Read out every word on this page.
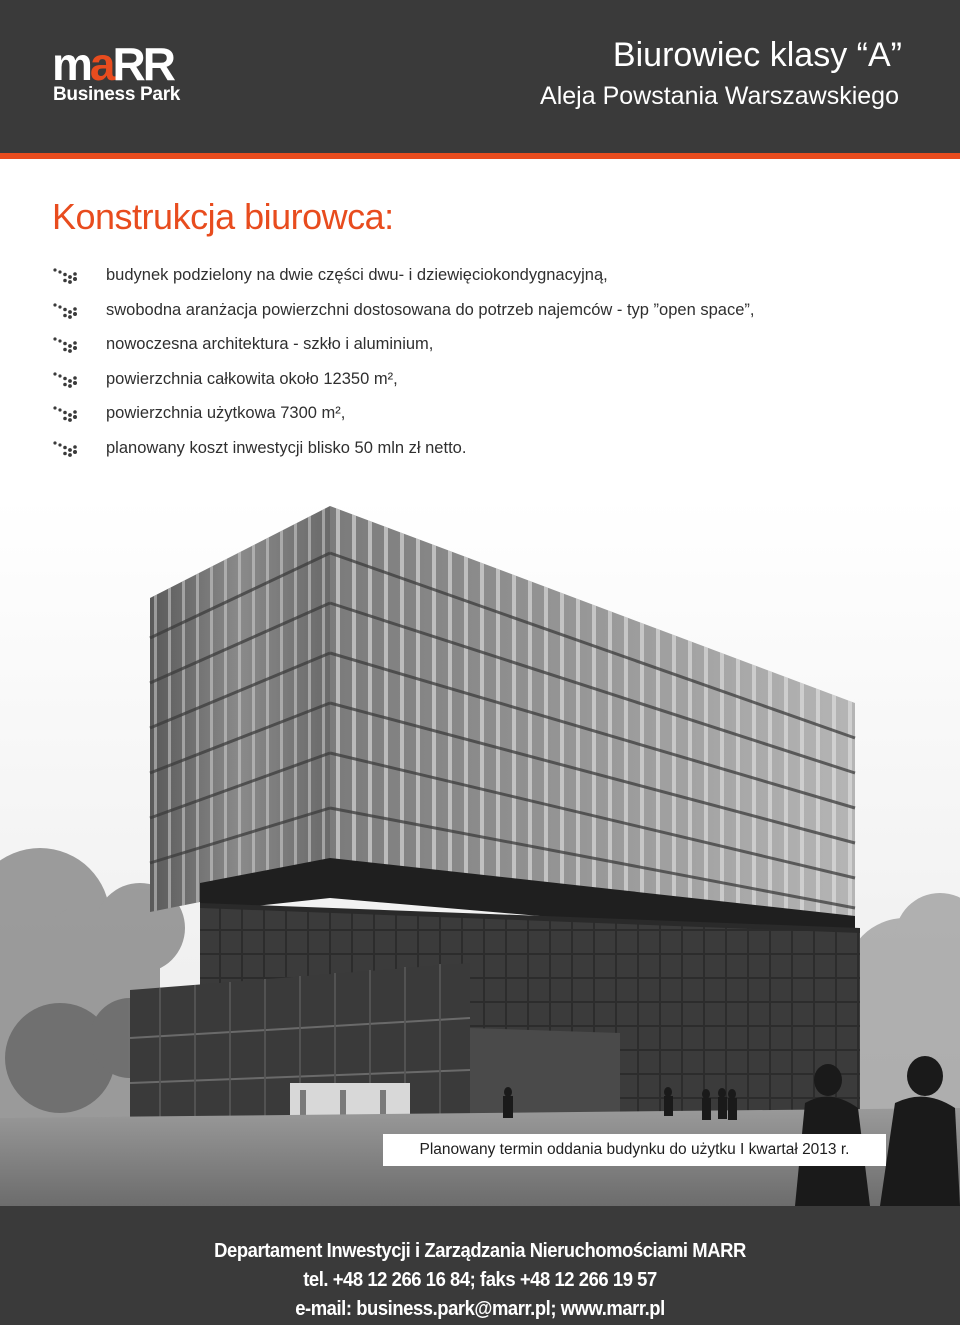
maRR
Business Park
Biurowiec klasy “A”
Aleja Powstania Warszawskiego
Konstrukcja biurowca:
budynek podzielony na dwie części dwu- i dziewięciokondygnacyjną,
swobodna aranżacja powierzchni dostosowana do potrzeb najemców - typ ”open space”,
nowoczesna architektura - szkło i aluminium,
powierzchnia całkowita około 12350 m²,
powierzchnia użytkowa 7300 m²,
planowany koszt inwestycji blisko 50 mln zł netto.
Planowany termin oddania budynku do użytku I kwartał 2013 r.
Departament Inwestycji i Zarządzania Nieruchomościami MARR
tel. +48 12 266 16 84; faks +48 12 266 19 57
e-mail: business.park@marr.pl; www.marr.pl
